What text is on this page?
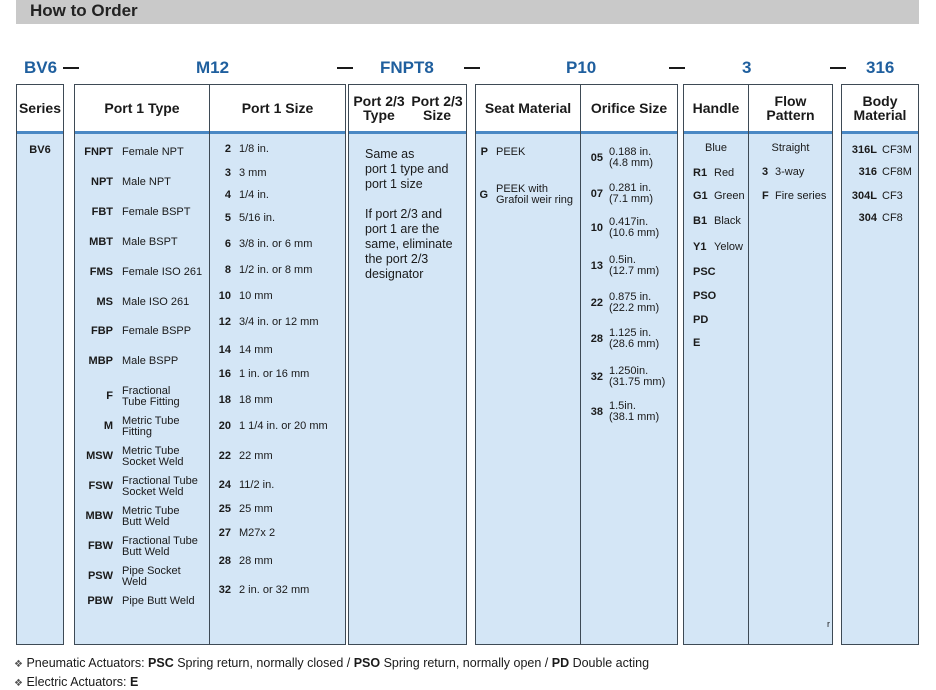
How to Order
BV6	M12	FNPT8	P10	3	316
Series
BV6
Port 1 Type	Port 1 Size
FNPT Female NPT
NPT Male NPT
FBT Female BSPT
MBT Male BSPT
FMS Female ISO 261
MS Male ISO 261
FBP Female BSPP
MBP Male BSPP
F Fractional
Tube Fitting
M Metric Tube
Fitting
MSW Metric Tube
Socket Weld
FSW Fractional Tube
Socket Weld
MBW Metric Tube
Butt Weld
FBW Fractional Tube
Butt Weld
PSW Pipe Socket
Weld
PBW Pipe Butt Weld
2 1/8 in.
3 3 mm
4 1/4 in.
5 5/16 in.
6 3/8 in. or 6 mm
8 1/2 in. or 8 mm
10 10 mm
12 3/4 in. or 12 mm
14 14 mm
16 1 in. or 16 mm
18 18 mm
20 1 1/4 in. or 20 mm
22 22 mm
24 11/2 in.
25 25 mm
27 M27x 2
28 28 mm
32 2 in. or 32 mm
Port 2/3
Type
Port 2/3
Size
Same as
port 1 type and
port 1 size
If port 2/3 and
port 1 are the
same, eliminate
the port 2/3
designator
Seat Material	Orifice Size
P PEEK
G PEEK with
Grafoil weir ring
05 0.188 in.
(4.8 mm)
07 0.281 in.
(7.1 mm)
10 0.417in.
(10.6 mm)
13 0.5in.
(12.7 mm)
22 0.875 in.
(22.2 mm)
28 1.125 in.
(28.6 mm)
32 1.250in.
(31.75 mm)
38 1.5in.
(38.1 mm)
Handle	Flow
Pattern
Blue
R1 Red
G1 Green
B1 Black
Y1 Yelow
PSC
PSO
PD
E
Straight
3 3-way
F Fire series
r
Body
Material
316L CF3M
316 CF8M
304L CF3
304 CF8
❖ Pneumatic Actuators: PSC Spring return, normally closed / PSO Spring return, normally open / PD Double acting
❖ Electric Actuators: E
